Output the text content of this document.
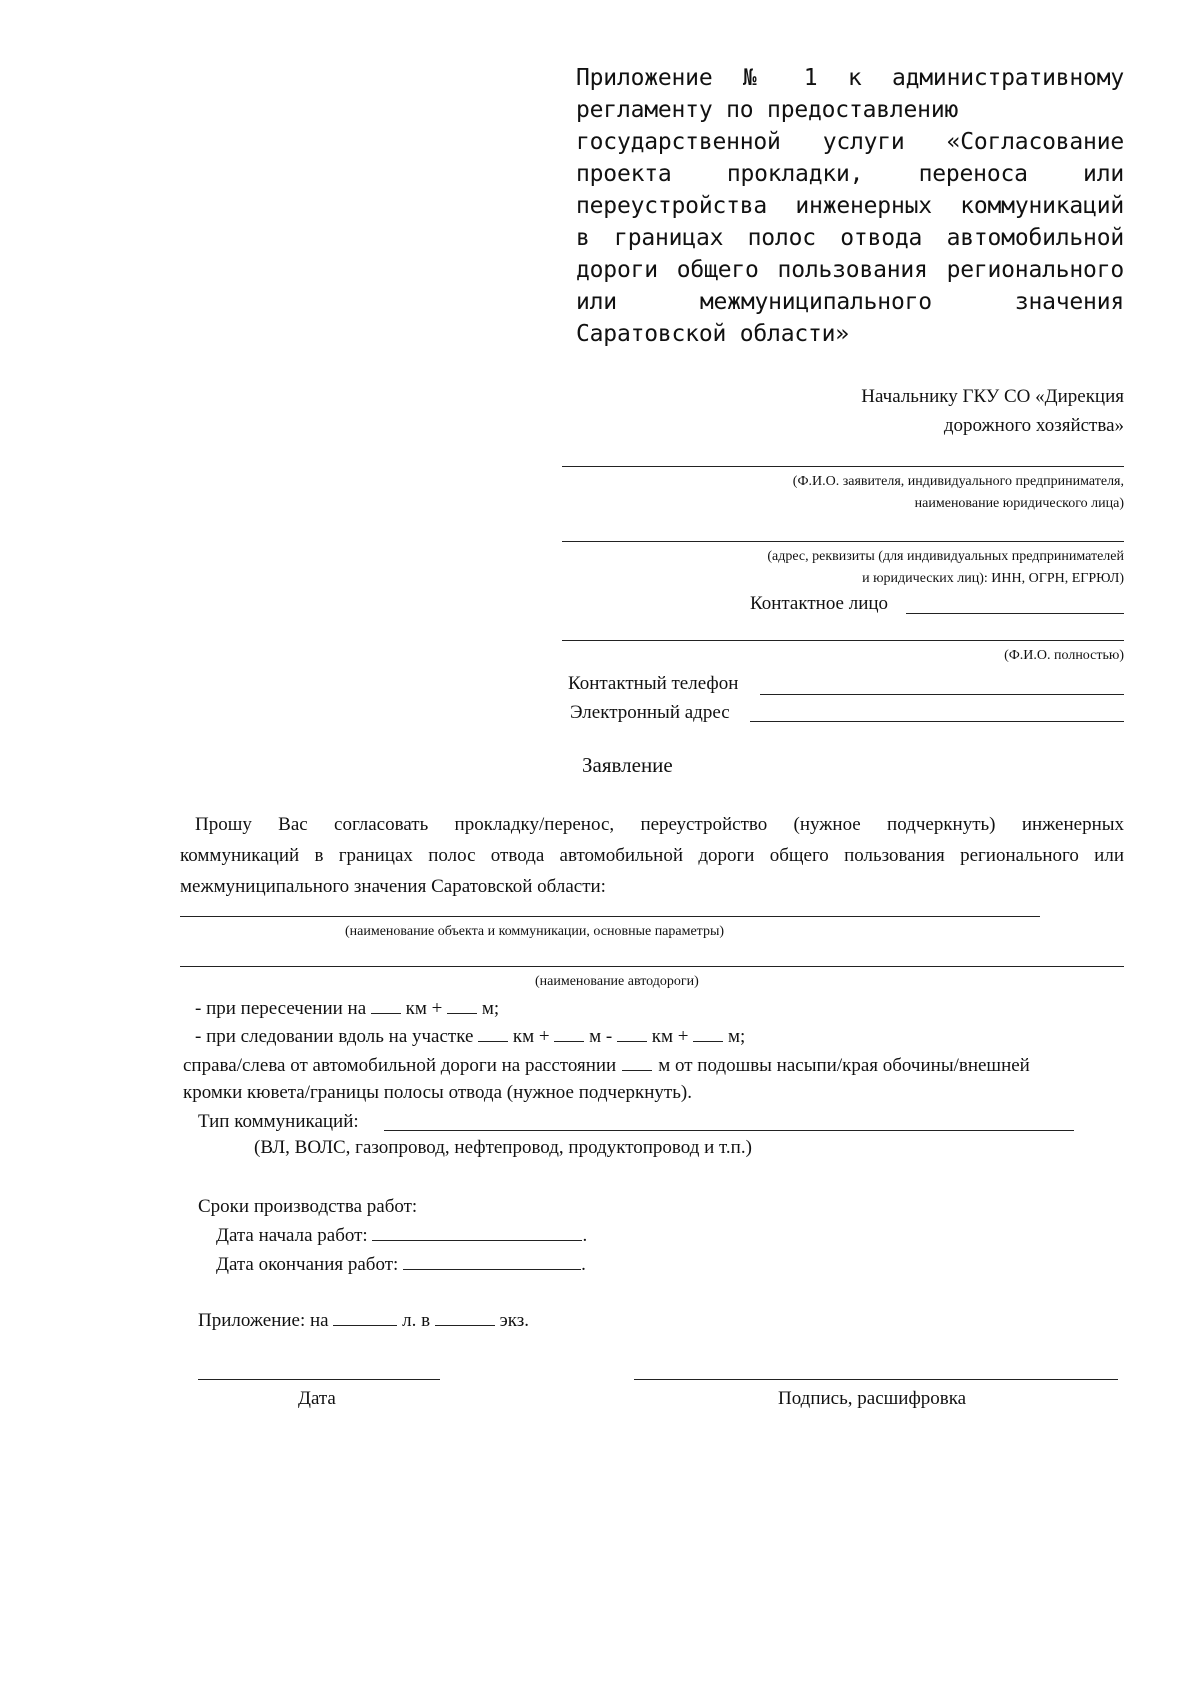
Приложение № 1 к административному
регламенту по предоставлению
государственной услуги «Согласование
проекта прокладки, переноса или
переустройства инженерных коммуникаций
в границах полос отвода автомобильной
дороги общего пользования регионального
или межмуниципального значения
Саратовской области»
Начальнику ГКУ СО «Дирекция
дорожного хозяйства»
(Ф.И.О. заявителя, индивидуального предпринимателя,
наименование юридического лица)
(адрес, реквизиты (для индивидуальных предпринимателей
и юридических лиц): ИНН, ОГРН, ЕГРЮЛ)
Контактное лицо
(Ф.И.О. полностью)
Контактный телефон
Электронный адрес
Заявление
Прошу Вас согласовать прокладку/перенос, переустройство (нужное подчеркнуть) инженерных
коммуникаций в границах полос отвода автомобильной дороги общего пользования регионального или
межмуниципального значения Саратовской области:
(наименование объекта и коммуникации, основные параметры)
(наименование автодороги)
- при пересечении на км + м;
- при следовании вдоль на участке км + м - км + м;
справа/слева от автомобильной дороги на расстоянии м от подошвы насыпи/края обочины/внешней
кромки кювета/границы полосы отвода (нужное подчеркнуть).
Тип коммуникаций:
(ВЛ, ВОЛС, газопровод, нефтепровод, продуктопровод и т.п.)
Сроки производства работ:
Дата начала работ:	.
Дата окончания работ:	.
Приложение: на	л. в	экз.
Дата	Подпись, расшифровка
